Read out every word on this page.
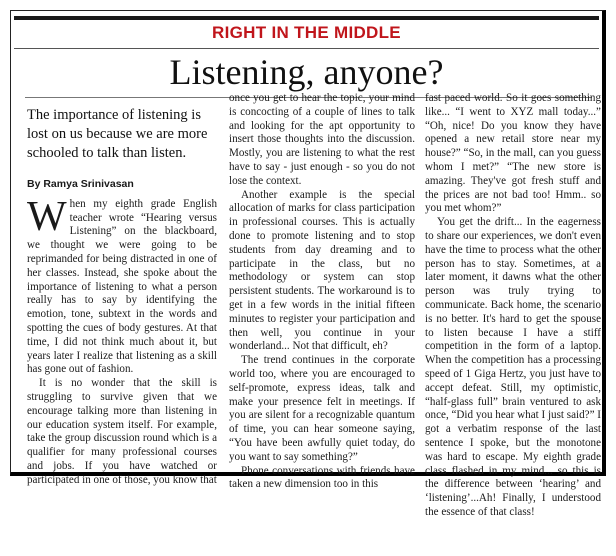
RIGHT IN THE MIDDLE
Listening, anyone?
The importance of listening is lost on us because we are more schooled to talk than listen.
By Ramya Srinivasan

When my eighth grade English teacher wrote “Hearing versus Listening” on the blackboard, we thought we were going to be reprimanded for being distracted in one of her classes. Instead, she spoke about the importance of listening to what a person really has to say by identifying the emotion, tone, subtext in the words and spotting the cues of body gestures. At that time, I did not think much about it, but years later I realize that listening as a skill has gone out of fashion.

It is no wonder that the skill is struggling to survive given that we encourage talking more than listening in our education system itself. For example, take the group discussion round which is a qualifier for many professional courses and jobs. If you have watched or participated in one of those, you know that

once you get to hear the topic, your mind is concocting of a couple of lines to talk and looking for the apt opportunity to insert those thoughts into the discussion. Mostly, you are listening to what the rest have to say - just enough - so you do not lose the context.

Another example is the special allocation of marks for class participation in professional courses. This is actually done to promote listening and to stop students from day dreaming and to participate in the class, but no methodology or system can stop persistent students. The workaround is to get in a few words in the initial fifteen minutes to register your participation and then well, you continue in your wonderland... Not that difficult, eh?

The trend continues in the corporate world too, where you are encouraged to self-promote, express ideas, talk and make your presence felt in meetings. If you are silent for a recognizable quantum of time, you can hear someone saying, “You have been awfully quiet today, do you want to say something?”

Phone conversations with friends have taken a new dimension too in this

fast paced world. So it goes something like... “I went to XYZ mall today...” “Oh, nice! Do you know they have opened a new retail store near my house?” “So, in the mall, can you guess whom I met?” “The new store is amazing. They've got fresh stuff and the prices are not bad too! Hmm.. so you met whom?”

You get the drift... In the eagerness to share our experiences, we don't even have the time to process what the other person has to stay. Sometimes, at a later moment, it dawns what the other person was truly trying to communicate. Back home, the scenario is no better. It's hard to get the spouse to listen because I have a stiff competition in the form of a laptop. When the competition has a processing speed of 1 Giga Hertz, you just have to accept defeat. Still, my optimistic, “half-glass full” brain ventured to ask once, “Did you hear what I just said?” I got a verbatim response of the last sentence I spoke, but the monotone was hard to escape. My eighth grade class flashed in my mind... so this is the difference between ‘hearing’ and ‘listening’...Ah! Finally, I understood the essence of that class!
